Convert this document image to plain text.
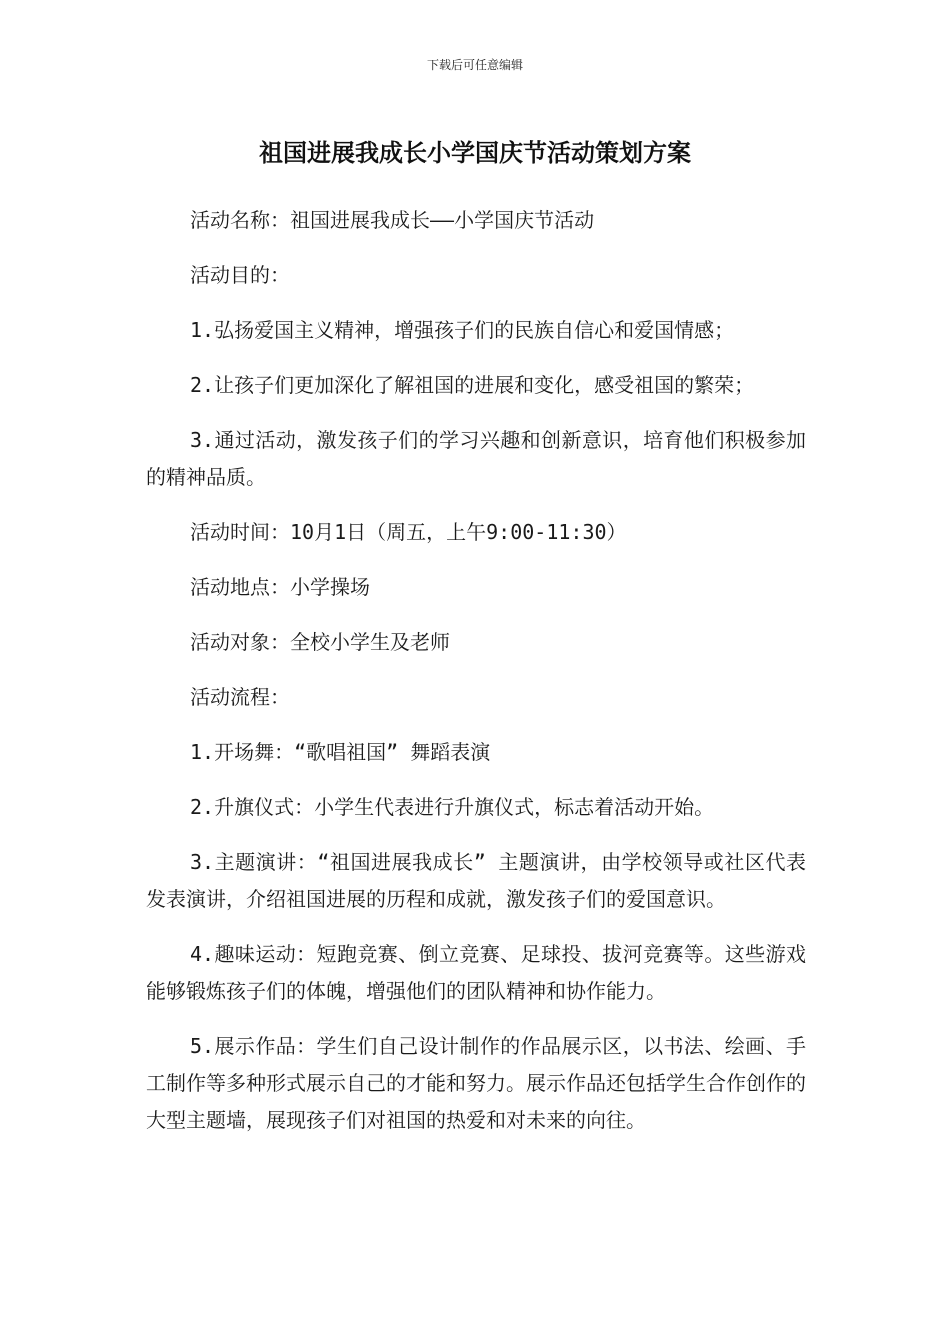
下载后可任意编辑
祖国进展我成长小学国庆节活动策划方案

活动名称：祖国进展我成长——小学国庆节活动

活动目的：

1.弘扬爱国主义精神，增强孩子们的民族自信心和爱国情感；

2.让孩子们更加深化了解祖国的进展和变化，感受祖国的繁荣；

3.通过活动，激发孩子们的学习兴趣和创新意识，培育他们积极参加的精神品质。

活动时间：10月1日（周五，上午9:00-11:30）

活动地点：小学操场

活动对象：全校小学生及老师

活动流程：

1.开场舞：“歌唱祖国” 舞蹈表演

2.升旗仪式：小学生代表进行升旗仪式，标志着活动开始。

3.主题演讲：“祖国进展我成长” 主题演讲，由学校领导或社区代表发表演讲，介绍祖国进展的历程和成就，激发孩子们的爱国意识。

4.趣味运动：短跑竞赛、倒立竞赛、足球投、拔河竞赛等。这些游戏能够锻炼孩子们的体魄，增强他们的团队精神和协作能力。

5.展示作品：学生们自己设计制作的作品展示区，以书法、绘画、手工制作等多种形式展示自己的才能和努力。展示作品还包括学生合作创作的大型主题墙，展现孩子们对祖国的热爱和对未来的向往。
